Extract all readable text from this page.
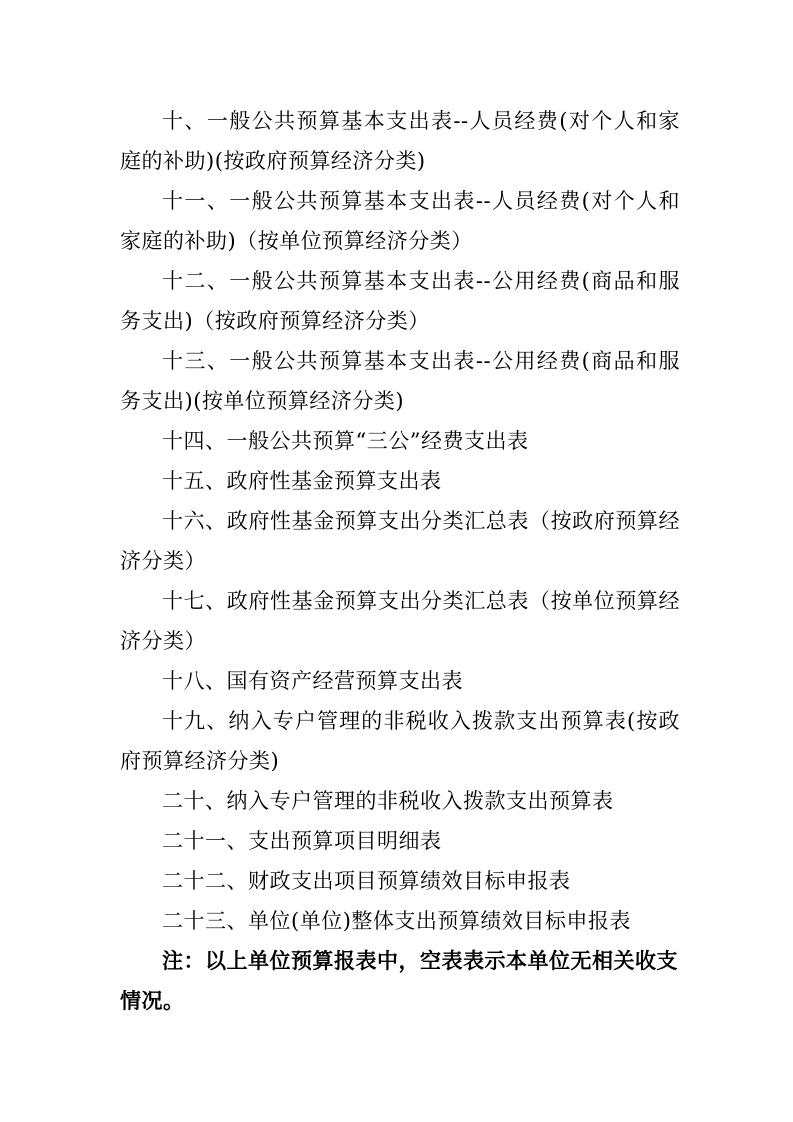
十、一般公共预算基本支出表--人员经费(对个人和家庭的补助)(按政府预算经济分类)

十一、一般公共预算基本支出表--人员经费(对个人和家庭的补助)（按单位预算经济分类）

十二、一般公共预算基本支出表--公用经费(商品和服务支出)（按政府预算经济分类）

十三、一般公共预算基本支出表--公用经费(商品和服务支出)(按单位预算经济分类)

十四、一般公共预算“三公”经费支出表

十五、政府性基金预算支出表

十六、政府性基金预算支出分类汇总表（按政府预算经济分类）

十七、政府性基金预算支出分类汇总表（按单位预算经济分类）

十八、国有资产经营预算支出表

十九、纳入专户管理的非税收入拨款支出预算表(按政府预算经济分类)

二十、纳入专户管理的非税收入拨款支出预算表

二十一、支出预算项目明细表

二十二、财政支出项目预算绩效目标申报表

二十三、单位(单位)整体支出预算绩效目标申报表

注：以上单位预算报表中，空表表示本单位无相关收支情况。
